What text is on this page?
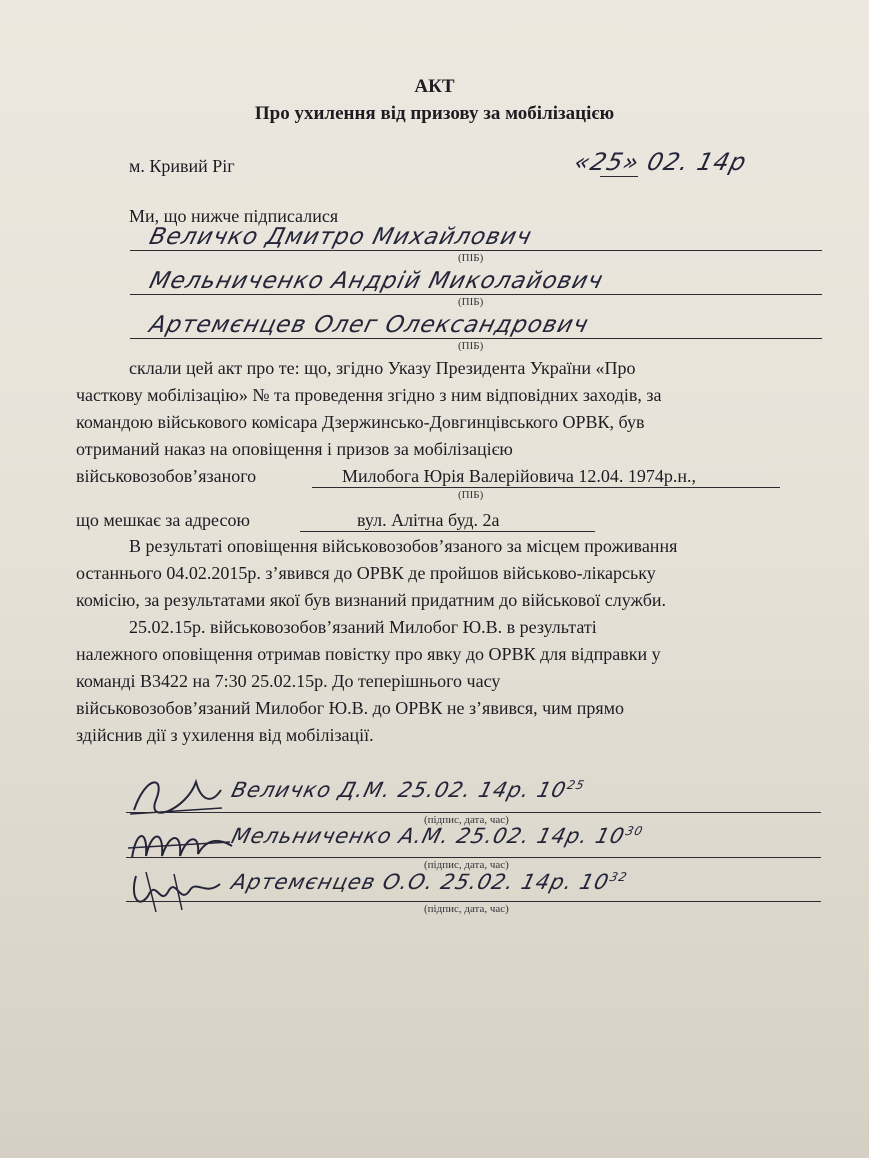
АКТ
Про ухилення від призову за мобілізацією
м. Кривий Ріг	«25» 02. 14р
Ми, що нижче підписалися
Величко Дмитро Михайлович
(ПІБ)
Мельниченко Андрій Миколайович
(ПІБ)
Артемєнцев Олег Олександрович
(ПІБ)
склали цей акт про те: що, згідно Указу Президента України «Про
часткову мобілізацію» № та проведення згідно з ним відповідних заходів, за
командою військового комісара Дзержинсько-Довгинцівського ОРВК, був
отриманий наказ на оповіщення і призов за мобілізацією
військовозобов’язаного	Милобога Юрія Валерійовича 12.04. 1974р.н.,
(ПІБ)
що мешкає за адресою	вул. Алітна буд. 2а
В результаті оповіщення військовозобов’язаного за місцем проживання
останнього 04.02.2015р. з’явився до ОРВК де пройшов військово-лікарську
комісію, за результатами якої був визнаний придатним до військової служби.
25.02.15р. військовозобов’язаний Милобог Ю.В. в результаті
належного оповіщення отримав повістку про явку до ОРВК для відправки у
команді В3422 на 7:30 25.02.15р. До теперішнього часу
військовозобов’язаний Милобог Ю.В. до ОРВК не з’явився, чим прямо
здійснив дії з ухилення від мобілізації.
Величко Д.М. 25.02. 14р. $10^{25}$
(підпис, дата, час)
Мельниченко А.М. 25.02. 14р. $10^{30}$
(підпис, дата, час)
Артемєнцев О.О. 25.02. 14р. $10^{32}$
(підпис, дата, час)
